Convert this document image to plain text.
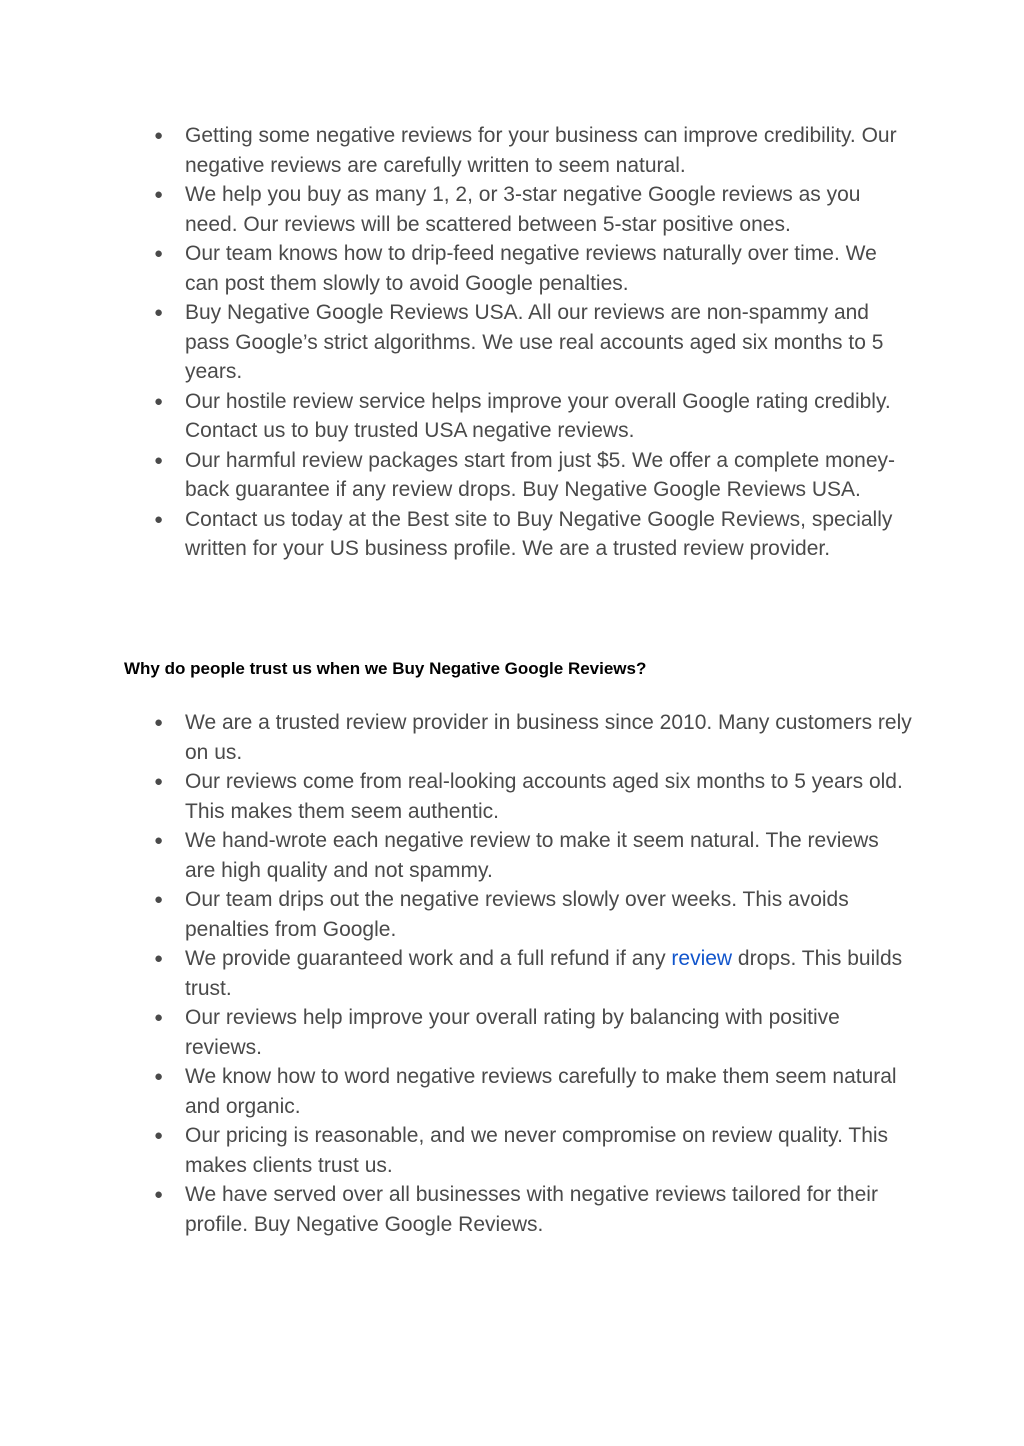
● Getting some negative reviews for your business can improve credibility. Our negative reviews are carefully written to seem natural.
● We help you buy as many 1, 2, or 3-star negative Google reviews as you need. Our reviews will be scattered between 5-star positive ones.
● Our team knows how to drip-feed negative reviews naturally over time. We can post them slowly to avoid Google penalties.
● Buy Negative Google Reviews USA. All our reviews are non-spammy and pass Google’s strict algorithms. We use real accounts aged six months to 5 years.
● Our hostile review service helps improve your overall Google rating credibly. Contact us to buy trusted USA negative reviews.
● Our harmful review packages start from just $5. We offer a complete money-back guarantee if any review drops. Buy Negative Google Reviews USA.
● Contact us today at the Best site to Buy Negative Google Reviews, specially written for your US business profile. We are a trusted review provider.
Why do people trust us when we Buy Negative Google Reviews?
● We are a trusted review provider in business since 2010. Many customers rely on us.
● Our reviews come from real-looking accounts aged six months to 5 years old. This makes them seem authentic.
● We hand-wrote each negative review to make it seem natural. The reviews are high quality and not spammy.
● Our team drips out the negative reviews slowly over weeks. This avoids penalties from Google.
● We provide guaranteed work and a full refund if any review drops. This builds trust.
● Our reviews help improve your overall rating by balancing with positive reviews.
● We know how to word negative reviews carefully to make them seem natural and organic.
● Our pricing is reasonable, and we never compromise on review quality. This makes clients trust us.
● We have served over all businesses with negative reviews tailored for their profile. Buy Negative Google Reviews.
